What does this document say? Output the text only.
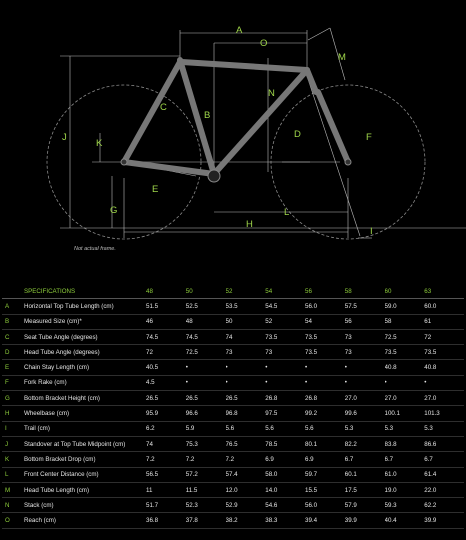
A
O
M
N
C
B
J
K
D	F
E
G	L
H
I
Not actual frame.
SPECIFICATIONS		48	50	52	54	56	58	60	63
A	Horizontal Top Tube Length (cm)	51.5	52.5	53.5	54.5	56.0	57.5	59.0	60.0
B	Measured Size (cm)*	46	48	50	52	54	56	58	61
C	Seat Tube Angle (degrees)	74.5	74.5	74	73.5	73.5	73	72.5	72
D	Head Tube Angle (degrees)	72	72.5	73	73	73.5	73	73.5	73.5
E	Chain Stay Length (cm)	40.5	•	•	•	•	•	40.8	40.8
F	Fork Rake (cm)	4.5	•	•	•	•	•	•	•
G	Bottom Bracket Height (cm)	26.5	26.5	26.5	26.8	26.8	27.0	27.0	27.0
H	Wheelbase (cm)	95.9	96.6	96.8	97.5	99.2	99.6	100.1	101.3
I	Trail (cm)	6.2	5.9	5.6	5.6	5.6	5.3	5.3	5.3
J	Standover at Top Tube Midpoint (cm)	74	75.3	76.5	78.5	80.1	82.2	83.8	86.6
K	Bottom Bracket Drop (cm)	7.2	7.2	7.2	6.9	6.9	6.7	6.7	6.7
L	Front Center Distance (cm)	56.5	57.2	57.4	58.0	59.7	60.1	61.0	61.4
M	Head Tube Length (cm)	11	11.5	12.0	14.0	15.5	17.5	19.0	22.0
N	Stack (cm)	51.7	52.3	52.9	54.6	56.0	57.9	59.3	62.2
O	Reach (cm)	36.8	37.8	38.2	38.3	39.4	39.9	40.4	39.9
